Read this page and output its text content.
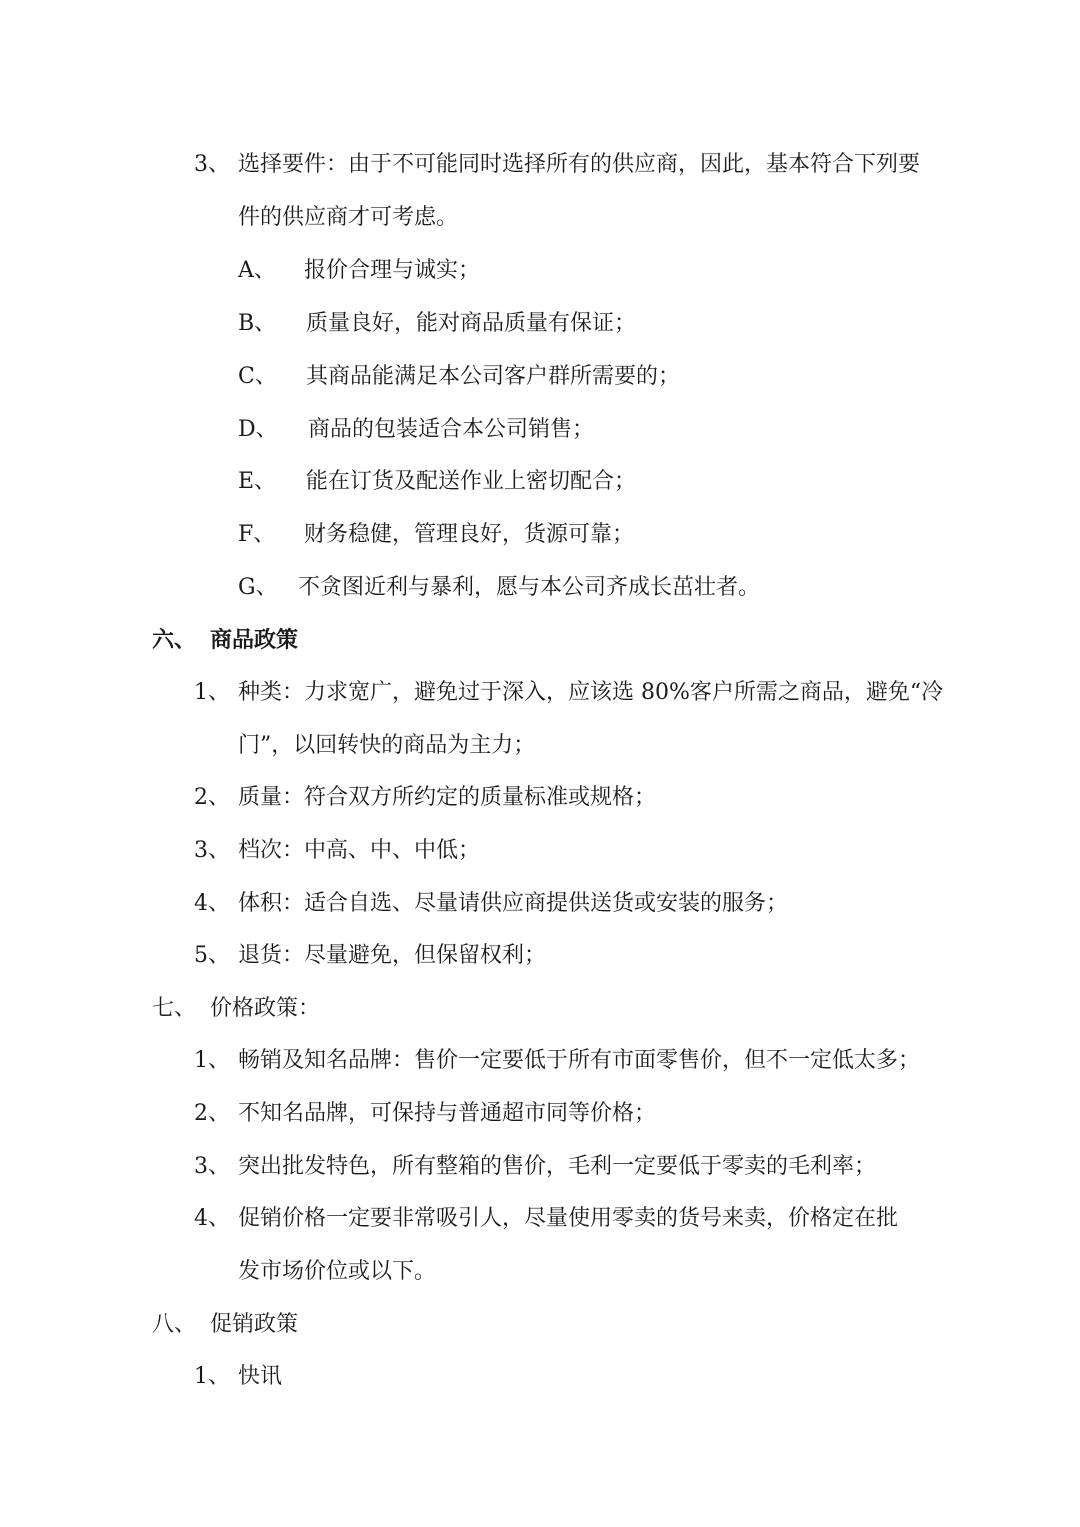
3、 选择要件：由于不可能同时选择所有的供应商，因此，基本符合下列要
件的供应商才可考虑。
A、 报价合理与诚实；
B、 质量良好，能对商品质量有保证；
C、 其商品能满足本公司客户群所需要的；
D、 商品的包装适合本公司销售；
E、 能在订货及配送作业上密切配合；
F、 财务稳健，管理良好，货源可靠；
G、 不贪图近利与暴利，愿与本公司齐成长茁壮者。
六、 商品政策
1、 种类：力求宽广，避免过于深入，应该选 80%客户所需之商品，避免“冷
门”，以回转快的商品为主力；
2、 质量：符合双方所约定的质量标准或规格；
3、 档次：中高、中、中低；
4、 体积：适合自选、尽量请供应商提供送货或安装的服务；
5、 退货：尽量避免，但保留权利；
七、 价格政策：
1、 畅销及知名品牌：售价一定要低于所有市面零售价，但不一定低太多；
2、 不知名品牌，可保持与普通超市同等价格；
3、 突出批发特色，所有整箱的售价，毛利一定要低于零卖的毛利率；
4、 促销价格一定要非常吸引人，尽量使用零卖的货号来卖，价格定在批
发市场价位或以下。
八、 促销政策
1、 快讯
